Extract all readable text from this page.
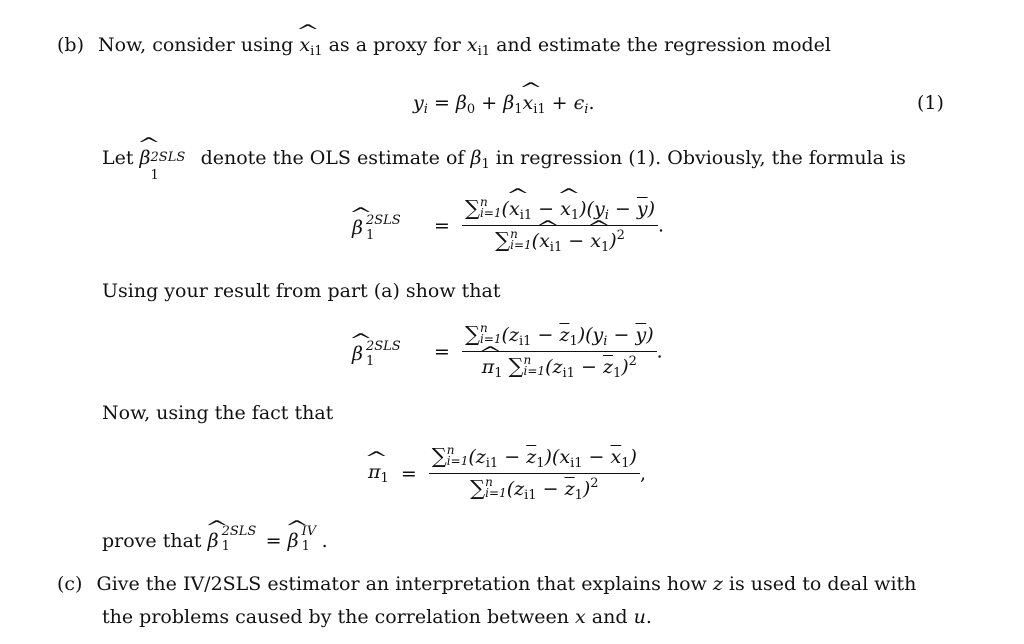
(b) Now, consider using ^ $x_{i1}$ as a proxy for $x_{i1}$ and estimate the regression model
$y_i = \beta_0$ + $\beta_1\^{}$ $x_{i1} + \epsilon_i$.	(1)
Let ^ β 2SLS
1
denote the OLS estimate of $\beta_1$ in regression (1). Obviously, the formula is
^ β 2SLS
1	= ∑ n
i=1 (^ $x_{i1}$ − ^ $\overline{x}_1)(y_i - \overline{y})$
∑ n
i=1 (^ $x_{i1}$ − ^ $\overline{x}_1)^2$ .
Using your result from part (a) show that
^ β 2SLS
1	= ∑ n
i=1 $(z_{i1} - \overline{z}_1)(y_i - \overline{y})$
^ $\pi_1$ ∑ n
i=1 $(z_{i1} - \overline{z}_1)^2$ .
Now, using the fact that
^ $\pi_1$ = ∑ n
i=1 $(z_{i1} - \overline{z}_1)(x_{i1} - \overline{x}_1)$
∑ n
i=1 $(z_{i1} - \overline{z}_1)^2$ ,
prove that ^ β 2SLS
1 = ^ β IV
1 .
(c) Give the IV/2SLS estimator an interpretation that explains how z is used to deal with
the problems caused by the correlation between x and u.
